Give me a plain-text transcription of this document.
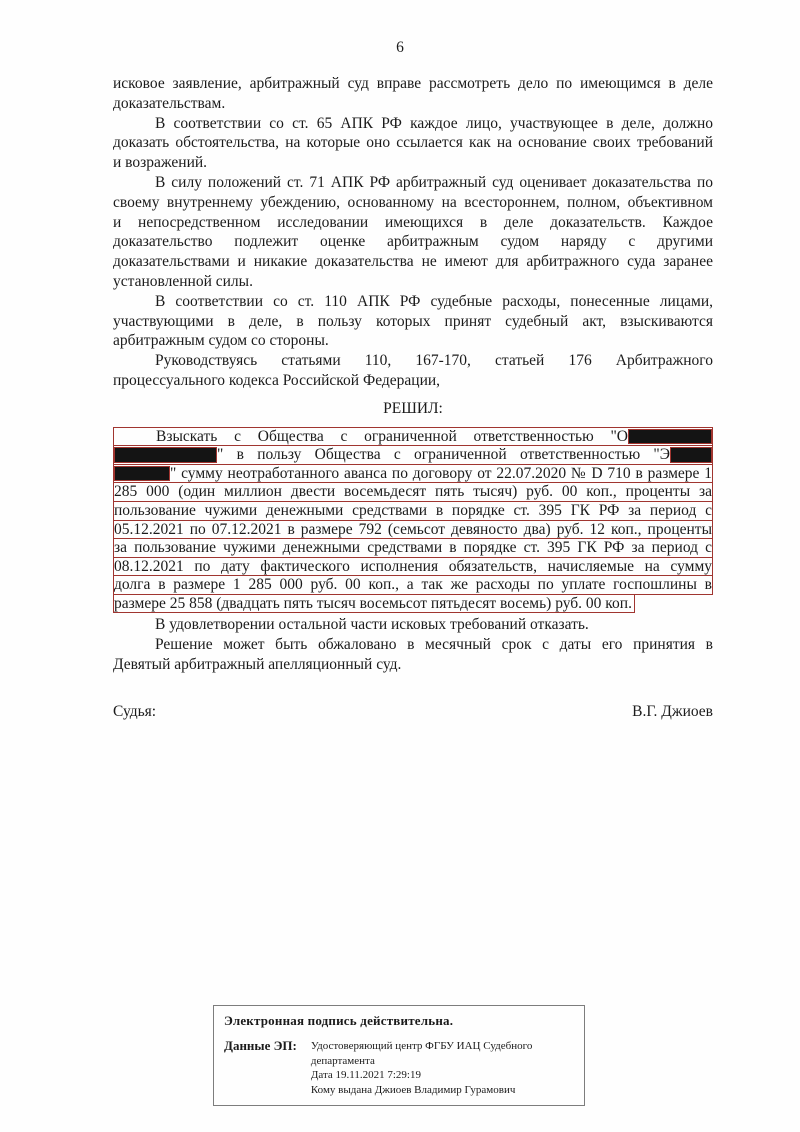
6
исковое заявление, арбитражный суд вправе рассмотреть дело по имеющимся в деле
доказательствам.
В соответствии со ст. 65 АПК РФ каждое лицо, участвующее в деле, должно
доказать обстоятельства, на которые оно ссылается как на основание своих требований
и возражений.
В силу положений ст. 71 АПК РФ арбитражный суд оценивает доказательства по
своему внутреннему убеждению, основанному на всестороннем, полном, объективном
и непосредственном исследовании имеющихся в деле доказательств. Каждое
доказательство подлежит оценке арбитражным судом наряду с другими
доказательствами и никакие доказательства не имеют для арбитражного суда заранее
установленной силы.
В соответствии со ст. 110 АПК РФ судебные расходы, понесенные лицами,
участвующими в деле, в пользу которых принят судебный акт, взыскиваются
арбитражным судом со стороны.
Руководствуясь статьями 110, 167-170, статьей 176 Арбитражного
процессуального кодекса Российской Федерации,
РЕШИЛ:
Взыскать с Общества с ограниченной ответственностью "О
" в пользу Общества с ограниченной ответственностью "Э
" сумму неотработанного аванса по договору от 22.07.2020 № D 710 в размере 1
285 000 (один миллион двести восемьдесят пять тысяч) руб. 00 коп., проценты за
пользование чужими денежными средствами в порядке ст. 395 ГК РФ за период с
05.12.2021 по 07.12.2021 в размере 792 (семьсот девяносто два) руб. 12 коп., проценты
за пользование чужими денежными средствами в порядке ст. 395 ГК РФ за период с
08.12.2021 по дату фактического исполнения обязательств, начисляемые на сумму
долга в размере 1 285 000 руб. 00 коп., а так же расходы по уплате госпошлины в
размере 25 858 (двадцать пять тысяч восемьсот пятьдесят восемь) руб. 00 коп.
В удовлетворении остальной части исковых требований отказать.
Решение может быть обжаловано в месячный срок с даты его принятия в
Девятый арбитражный апелляционный суд.
Судья:	В.Г. Джиоев
Электронная подпись действительна.
Данные ЭП: Удостоверяющий центр ФГБУ ИАЦ Судебного
департамента
Дата 19.11.2021 7:29:19
Кому выдана Джиоев Владимир Гурамович
